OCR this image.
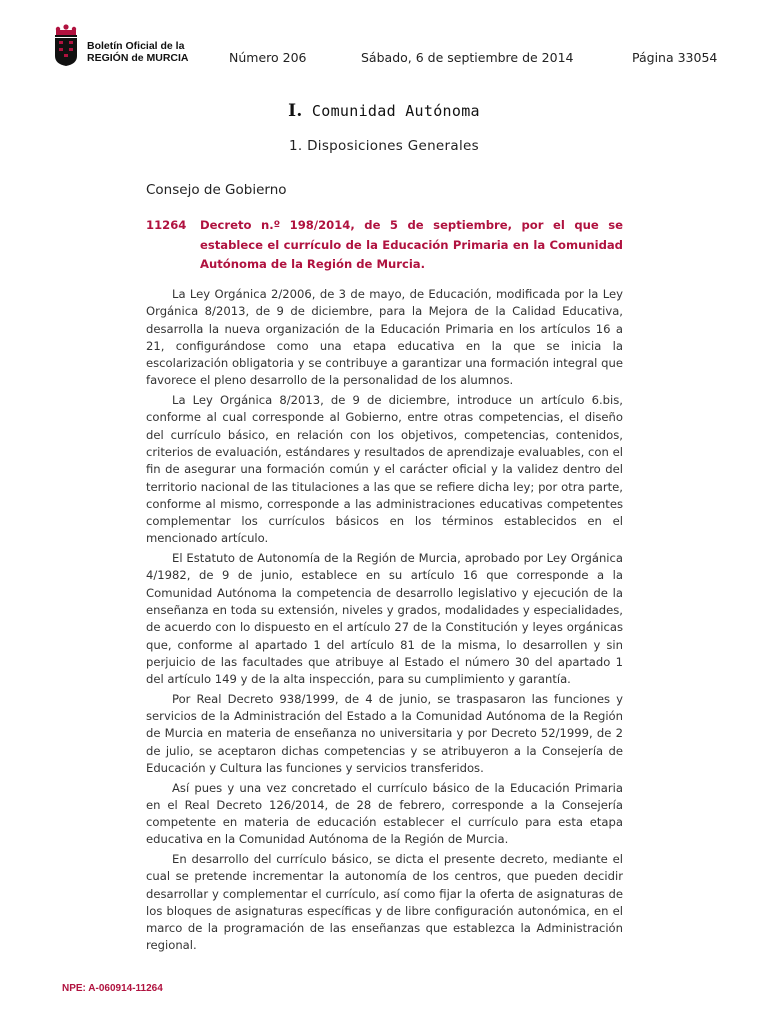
Boletín Oficial de la
REGIÓN de MURCIA	Número 206	Sábado, 6 de septiembre de 2014	Página 33054
I. Comunidad Autónoma
1. Disposiciones Generales
Consejo de Gobierno
11264 Decreto n.º 198/2014, de 5 de septiembre, por el que se establece el currículo de la Educación Primaria en la Comunidad Autónoma de la Región de Murcia.

La Ley Orgánica 2/2006, de 3 de mayo, de Educación, modificada por la Ley Orgánica 8/2013, de 9 de diciembre, para la Mejora de la Calidad Educativa, desarrolla la nueva organización de la Educación Primaria en los artículos 16 a 21, configurándose como una etapa educativa en la que se inicia la escolarización obligatoria y se contribuye a garantizar una formación integral que favorece el pleno desarrollo de la personalidad de los alumnos.

La Ley Orgánica 8/2013, de 9 de diciembre, introduce un artículo 6.bis, conforme al cual corresponde al Gobierno, entre otras competencias, el diseño del currículo básico, en relación con los objetivos, competencias, contenidos, criterios de evaluación, estándares y resultados de aprendizaje evaluables, con el fin de asegurar una formación común y el carácter oficial y la validez dentro del territorio nacional de las titulaciones a las que se refiere dicha ley; por otra parte, conforme al mismo, corresponde a las administraciones educativas competentes complementar los currículos básicos en los términos establecidos en el mencionado artículo.

El Estatuto de Autonomía de la Región de Murcia, aprobado por Ley Orgánica 4/1982, de 9 de junio, establece en su artículo 16 que corresponde a la Comunidad Autónoma la competencia de desarrollo legislativo y ejecución de la enseñanza en toda su extensión, niveles y grados, modalidades y especialidades, de acuerdo con lo dispuesto en el artículo 27 de la Constitución y leyes orgánicas que, conforme al apartado 1 del artículo 81 de la misma, lo desarrollen y sin perjuicio de las facultades que atribuye al Estado el número 30 del apartado 1 del artículo 149 y de la alta inspección, para su cumplimiento y garantía.

Por Real Decreto 938/1999, de 4 de junio, se traspasaron las funciones y servicios de la Administración del Estado a la Comunidad Autónoma de la Región de Murcia en materia de enseñanza no universitaria y por Decreto 52/1999, de 2 de julio, se aceptaron dichas competencias y se atribuyeron a la Consejería de Educación y Cultura las funciones y servicios transferidos.

Así pues y una vez concretado el currículo básico de la Educación Primaria en el Real Decreto 126/2014, de 28 de febrero, corresponde a la Consejería competente en materia de educación establecer el currículo para esta etapa educativa en la Comunidad Autónoma de la Región de Murcia.

En desarrollo del currículo básico, se dicta el presente decreto, mediante el cual se pretende incrementar la autonomía de los centros, que pueden decidir desarrollar y complementar el currículo, así como fijar la oferta de asignaturas de los bloques de asignaturas específicas y de libre configuración autonómica, en el marco de la programación de las enseñanzas que establezca la Administración regional.

NPE: A-060914-11264
